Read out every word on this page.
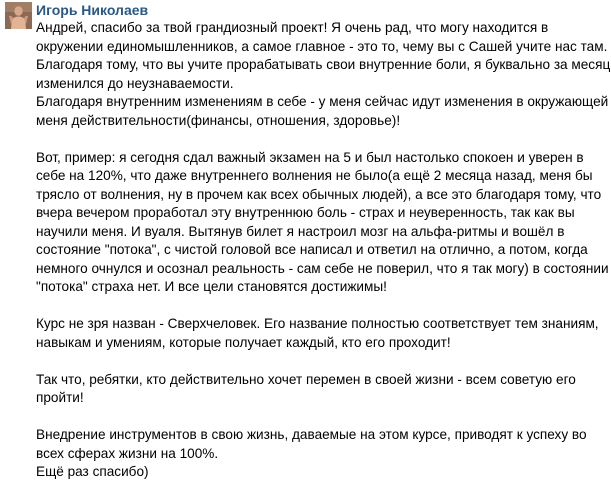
Игорь Николаев
Андрей, спасибо за твой грандиозный проект! Я очень рад, что могу находится в
окружении единомышленников, а самое главное - это то, чему вы с Сашей учите нас там.
Благодаря тому, что вы учите прорабатывать свои внутренние боли, я буквально за месяц
изменился до неузнаваемости.
Благодаря внутренним изменениям в себе - у меня сейчас идут изменения в окружающей
меня действительности(финансы, отношения, здоровье)!
Вот, пример: я сегодня сдал важный экзамен на 5 и был настолько спокоен и уверен в
себе на 120%, что даже внутреннего волнения не было(а ещё 2 месяца назад, меня бы
трясло от волнения, ну в прочем как всех обычных людей), а все это благодаря тому, что
вчера вечером проработал эту внутреннюю боль - страх и неуверенность, так как вы
научили меня. И вуаля. Вытянув билет я настроил мозг на альфа-ритмы и вошёл в
состояние "потока", с чистой головой все написал и ответил на отлично, а потом, когда
немного очнулся и осознал реальность - сам себе не поверил, что я так могу) в состоянии
"потока" страха нет. И все цели становятся достижимы!
Курс не зря назван - Сверхчеловек. Его название полностью соответствует тем знаниям,
навыкам и умениям, которые получает каждый, кто его проходит!
Так что, ребятки, кто действительно хочет перемен в своей жизни - всем советую его
пройти!
Внедрение инструментов в свою жизнь, даваемые на этом курсе, приводят к успеху во
всех сферах жизни на 100%.
Ещё раз спасибо)
